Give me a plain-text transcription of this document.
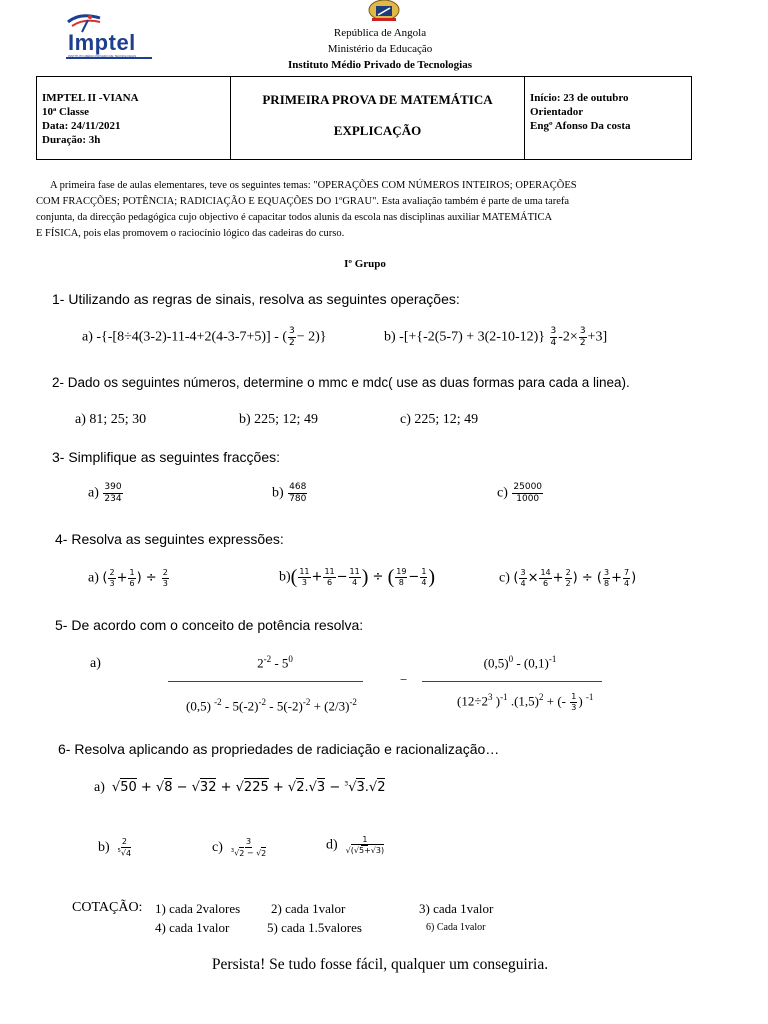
Imptel
INSTITUTO MÉDIO PRIVADO DE TECNOLOGIAS
República de Angola
Ministério da Educação
Instituto Médio Privado de Tecnologias
IMPTEL II -VIANA
10ª Classe
Data: 24/11/2021
Duração: 3h
PRIMEIRA PROVA DE MATEMÁTICA
EXPLICAÇÃO
Início: 23 de outubro
Orientador
Engº Afonso Da costa
A primeira fase de aulas elementares, teve os seguintes temas: "OPERAÇÕES COM NÚMEROS INTEIROS; OPERAÇÕES
COM FRACÇÕES; POTÊNCIA; RADICIAÇÃO E EQUAÇÕES DO 1ºGRAU". Esta avaliação também é parte de uma tarefa
conjunta, da direcção pedagógica cujo objectivo é capacitar todos alunis da escola nas disciplinas auxiliar MATEMÁTICA
E FÍSICA, pois elas promovem o raciocínio lógico das cadeiras do curso.
Iº Grupo
1- Utilizando as regras de sinais, resolva as seguintes operações:
a) -{-[8÷4(3-2)-11-4+2(4-3-7+5)] - ( $\frac{3}{2} - 2$)}	b) $-[+\{-2(5-7) + 3(2-10-12)\} \frac{3}{4} -2\times \frac{3}{2} +3]$
2- Dado os seguintes números, determine o mmc e mdc( use as duas formas para cada a linea).
a) 81; 25; 30	b) 225; 12; 49	c) 225; 12; 49
3- Simplifique as seguintes fracções:
$a) \frac{390}{234}$	$b) \frac{468}{780}$	$c) \frac{25000}{1000}$
4- Resolva as seguintes expressões:
a) ( $\frac{2}{3} + \frac{1}{6}$ ) ÷ $\frac{2}{3}$	$b)( \frac{11}{3} + \frac{11}{6} - \frac{11}{4}$ ) ÷ ( $\frac{19}{8} - \frac{1}{4}$ )	c) ( $\frac{3}{4} \times \frac{14}{6} + \frac{2}{2}$ ) ÷ ( $\frac{3}{8} + \frac{7}{4}$ )
5- De acordo com o conceito de potência resolva:
a)	$2^{-2} - 5^0$
−
$(0,5)^0 - (0,1)^{-1}$
(0,5) $^{-2} - 5(-2)^{-2} - 5(-2)^{-2} + (2/3)^{-2}$	($12\div 2^3$ )$^{-1}$ $.(1,5)^2$ + (- $\frac{1}{3}$ ) $^{-1}$
6- Resolva aplicando as propriedades de radiciação e racionalização…
a) √50 + √8 − √32 + √225 + √2.√3 − $^3$√3.√2
$b) \frac{2}{^5√4}$	$c) \frac{3}{^3√2 - √2}$	$d) \frac{1}{√(√5+√3)}$
COTAÇÃO: 1) cada 2valores 2) cada 1valor	3) cada 1valor
4) cada 1valor	5) cada 1.5valores	6) Cada 1valor
Persista! Se tudo fosse fácil, qualquer um conseguiria.
